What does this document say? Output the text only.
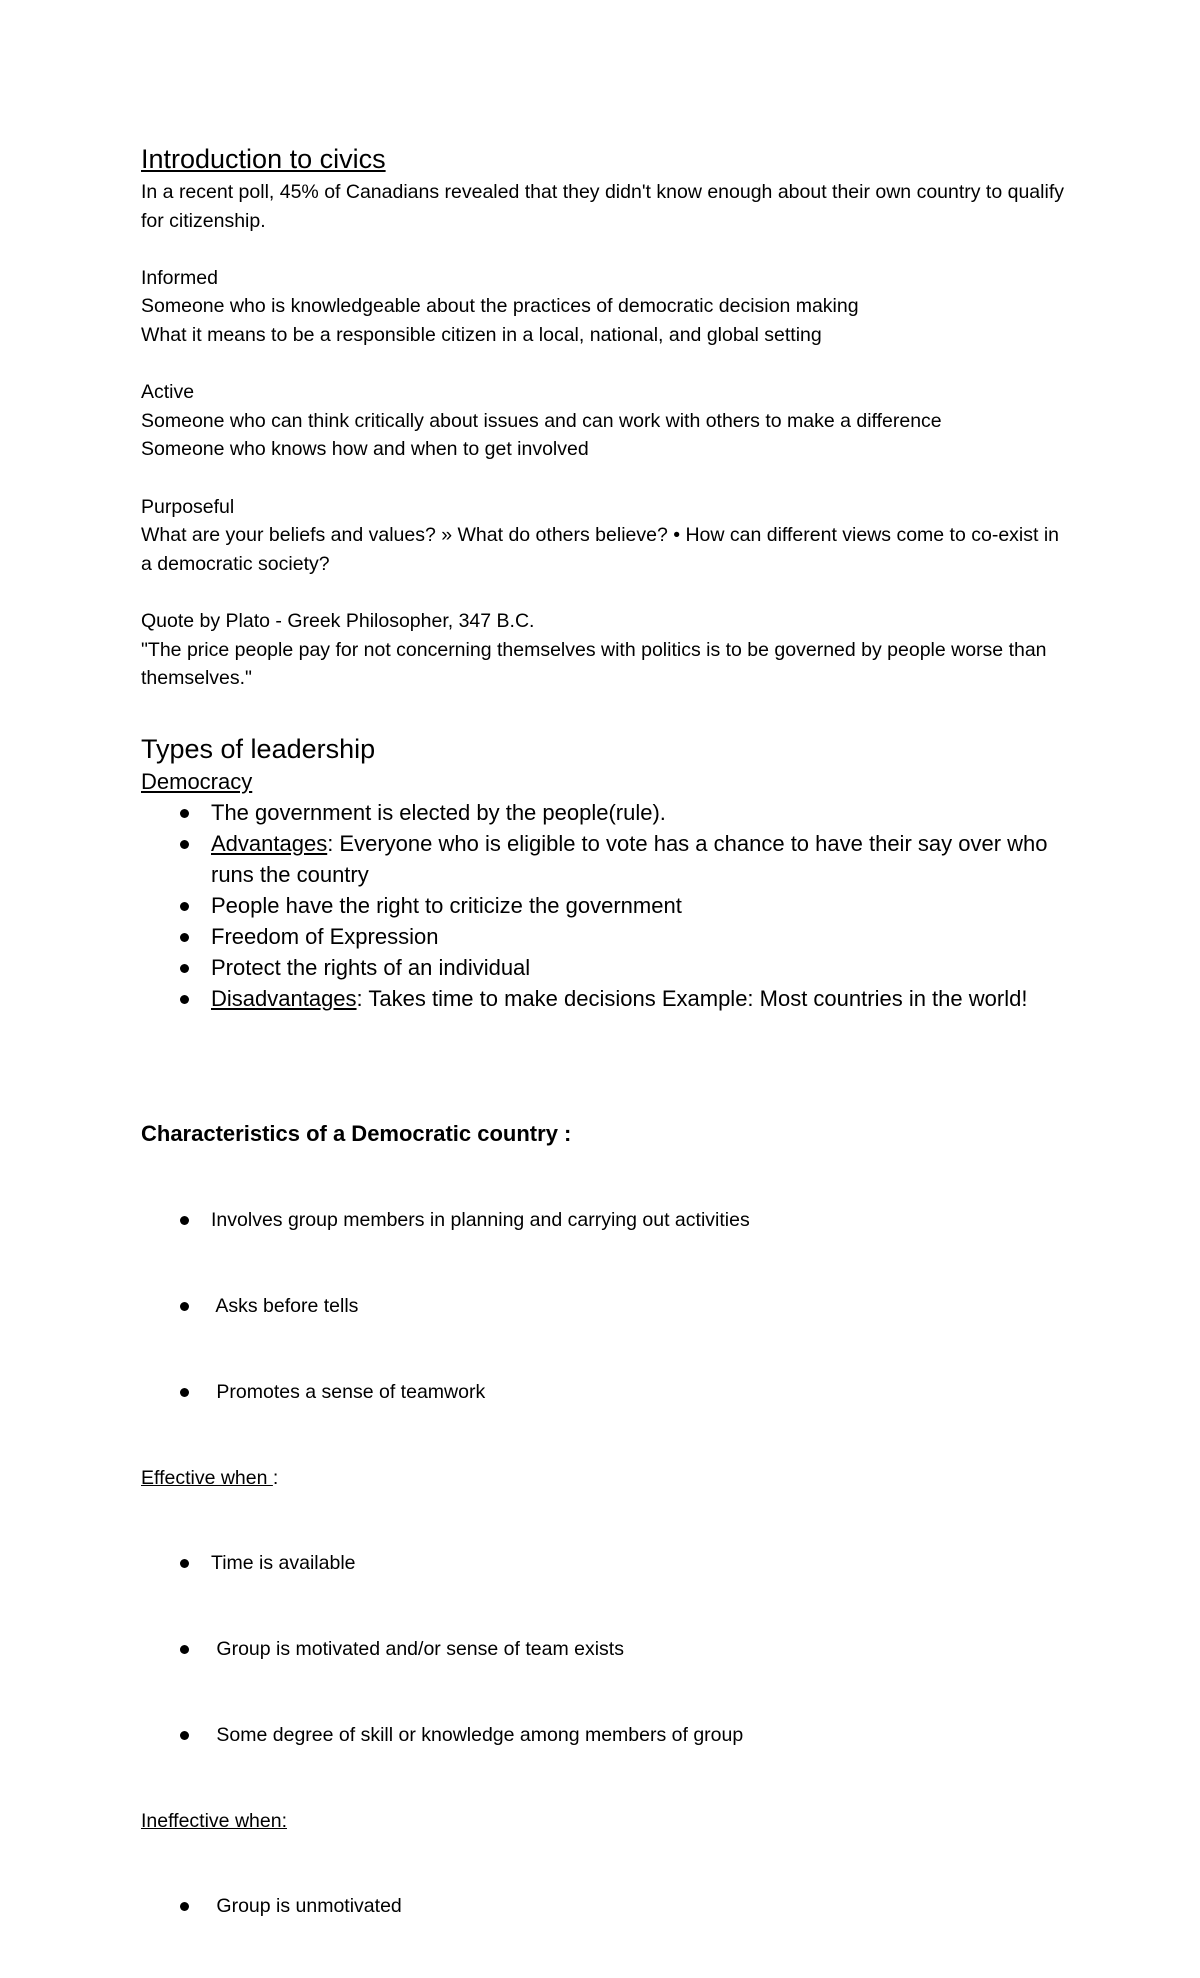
Introduction to civics

In a recent poll, 45% of Canadians revealed that they didn't know enough about their own country to qualify for citizenship.

Informed

Someone who is knowledgeable about the practices of democratic decision making

What it means to be a responsible citizen in a local, national, and global setting

Active

Someone who can think critically about issues and can work with others to make a difference

Someone who knows how and when to get involved

Purposeful

What are your beliefs and values? » What do others believe? • How can different views come to co-exist in a democratic society?

Quote by Plato - Greek Philosopher, 347 B.C.

"The price people pay for not concerning themselves with politics is to be governed by people worse than themselves."

Types of leadership
Democracy
The government is elected by the people(rule).
Advantages: Everyone who is eligible to vote has a chance to have their say over who runs the country
People have the right to criticize the government
Freedom of Expression
Protect the rights of an individual
Disadvantages: Takes time to make decisions Example: Most countries in the world!
Characteristics of a Democratic country :

Involves group members in planning and carrying out activities

Asks before tells

Promotes a sense of teamwork

Effective when :

Time is available

Group is motivated and/or sense of team exists

Some degree of skill or knowledge among members of group

Ineffective when:

Group is unmotivated
